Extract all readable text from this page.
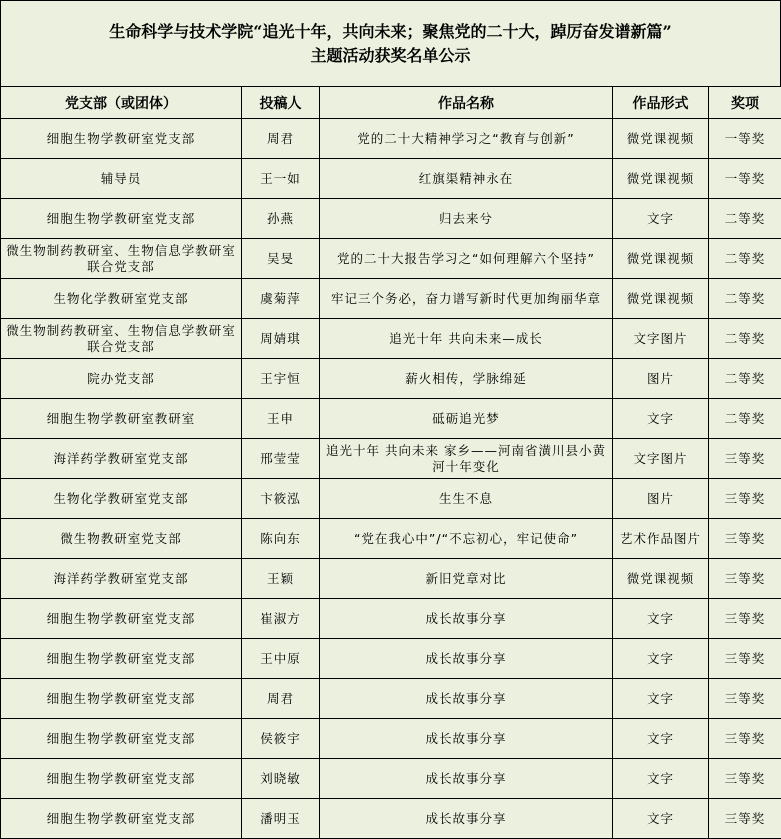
生命科学与技术学院“追光十年，共向未来；聚焦党的二十大，踔厉奋发谱新篇”
主题活动获奖名单公示
党支部（或团体）	投稿人	作品名称	作品形式	奖项
细胞生物学教研室党支部	周君	党的二十大精神学习之“教育与创新”	微党课视频	一等奖
辅导员	王一如	红旗渠精神永在	微党课视频	一等奖
细胞生物学教研室党支部	孙燕	归去来兮	文字	二等奖
微生物制药教研室、生物信息学教研室联合党支部	吴旻	党的二十大报告学习之“如何理解六个坚持”	微党课视频	二等奖
生物化学教研室党支部	虞菊萍	牢记三个务必，奋力谱写新时代更加绚丽华章	微党课视频	二等奖
微生物制药教研室、生物信息学教研室联合党支部	周婧琪	追光十年 共向未来—成长	文字图片	二等奖
院办党支部	王宇恒	薪火相传，学脉绵延	图片	二等奖
细胞生物学教研室教研室	王申	砥砺追光梦	文字	二等奖
海洋药学教研室党支部	邢莹莹	追光十年 共向未来 家乡——河南省潢川县小黄河十年变化	文字图片	三等奖
生物化学教研室党支部	卞筱泓	生生不息	图片	三等奖
微生物教研室党支部	陈向东	“党在我心中”/“不忘初心，牢记使命”	艺术作品图片	三等奖
海洋药学教研室党支部	王颖	新旧党章对比	微党课视频	三等奖
细胞生物学教研室党支部	崔淑方	成长故事分享	文字	三等奖
细胞生物学教研室党支部	王中原	成长故事分享	文字	三等奖
细胞生物学教研室党支部	周君	成长故事分享	文字	三等奖
细胞生物学教研室党支部	侯筱宇	成长故事分享	文字	三等奖
细胞生物学教研室党支部	刘晓敏	成长故事分享	文字	三等奖
细胞生物学教研室党支部	潘明玉	成长故事分享	文字	三等奖
